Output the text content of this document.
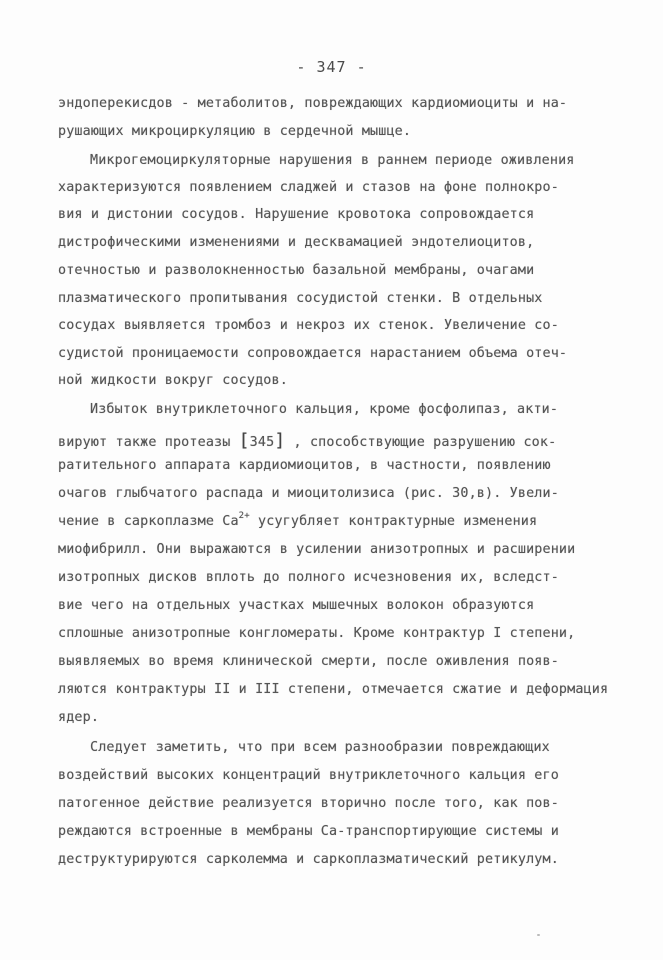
- 347 -
эндоперекисдов - метаболитов, повреждающих кардиомиоциты и на-
рушающих микроциркуляцию в сердечной мышце.
Микрогемоциркуляторные нарушения в раннем периоде оживления
характеризуются появлением сладжей и стазов на фоне полнокро-
вия и дистонии сосудов. Нарушение кровотока сопровождается
дистрофическими изменениями и десквамацией эндотелиоцитов,
отечностью и разволокненностью базальной мембраны, очагами
плазматического пропитывания сосудистой стенки. В отдельных
сосудах выявляется тромбоз и некроз их стенок. Увеличение со-
судистой проницаемости сопровождается нарастанием объема отеч-
ной жидкости вокруг сосудов.
Избыток внутриклеточного кальция, кроме фосфолипаз, акти-
вируют также протеазы [345] , способствующие разрушению сок-
ратительного аппарата кардиомиоцитов, в частности, появлению
очагов глыбчатого распада и миоцитолизиса (рис. 30,в). Увели-
чение в саркоплазме $Ca^{2+}$ усугубляет контрактурные изменения
миофибрилл. Они выражаются в усилении анизотропных и расширении
изотропных дисков вплоть до полного исчезновения их, вследст-
вие чего на отдельных участках мышечных волокон образуются
сплошные анизотропные конгломераты. Кроме контрактур I степени,
выявляемых во время клинической смерти, после оживления появ-
ляются контрактуры II и III степени, отмечается сжатие и деформация
ядер.
Следует заметить, что при всем разнообразии повреждающих
воздействий высоких концентраций внутриклеточного кальция его
патогенное действие реализуется вторично после того, как пов-
реждаются встроенные в мембраны Ca-транспортирующие системы и
деструктурируются сарколемма и саркоплазматический ретикулум.
